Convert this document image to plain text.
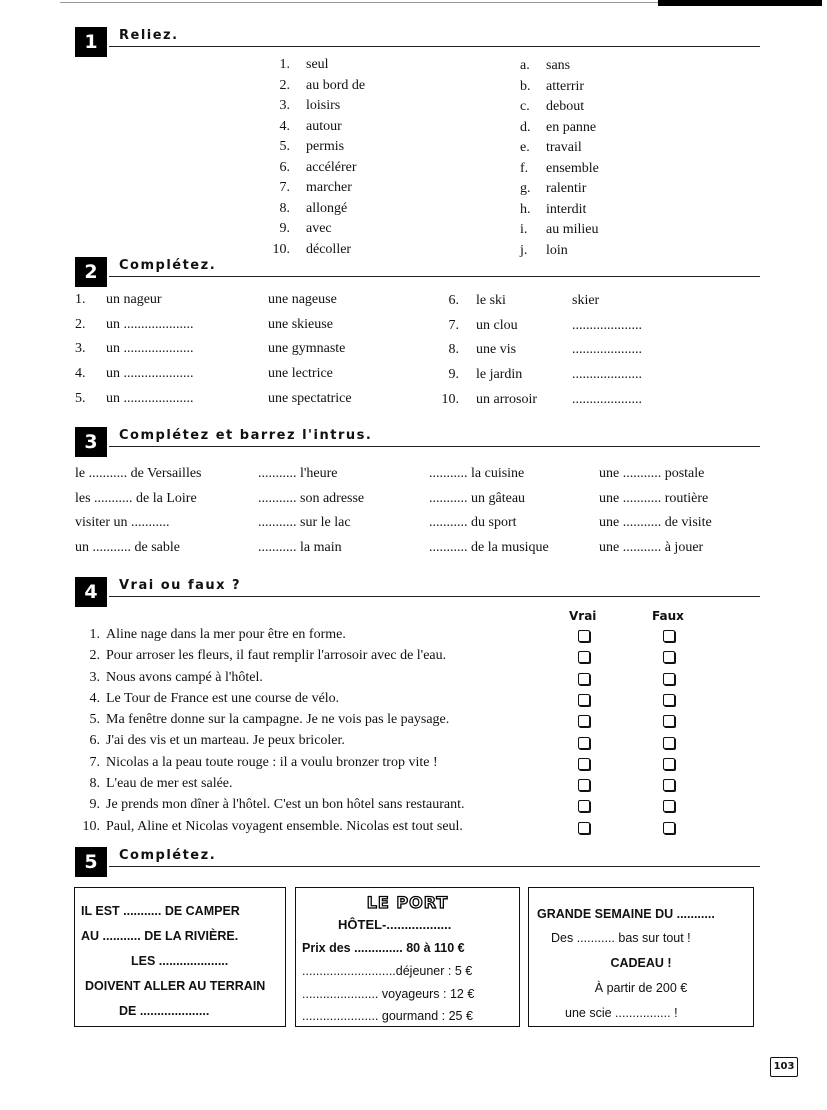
1	Reliez.
1.	seul
2.	au bord de
3.	loisirs
4.	autour
5.	permis
6.	accélérer
7.	marcher
8.	allongé
9.	avec
10.	décoller
a.	sans
b.	atterrir
c.	debout
d.	en panne
e.	travail
f.	ensemble
g.	ralentir
h.	interdit
i.	au milieu
j.	loin
2	Complétez.
1. un nageur	une nageuse
2. un ....................	une skieuse
3. un ....................	une gymnaste
4. un ....................	une lectrice
5. un ....................	une spectatrice
6. le ski	skier
7. un clou	....................
8. une vis	....................
9. le jardin	....................
10. un arrosoir ....................
3	Complétez et barrez l'intrus.
le ........... de Versailles	........... l'heure	........... la cuisine	une ........... postale
les ........... de la Loire	........... son adresse	........... un gâteau	une ........... routière
visiter un ...........	........... sur le lac	........... du sport	une ........... de visite
un ........... de sable	........... la main	........... de la musique	une ........... à jouer
4	Vrai ou faux ?
Vrai	Faux
1. Aline nage dans la mer pour être en forme.
2. Pour arroser les fleurs, il faut remplir l'arrosoir avec de l'eau.
3. Nous avons campé à l'hôtel.
4. Le Tour de France est une course de vélo.
5. Ma fenêtre donne sur la campagne. Je ne vois pas le paysage.
6. J'ai des vis et un marteau. Je peux bricoler.
7. Nicolas a la peau toute rouge : il a voulu bronzer trop vite !
8. L'eau de mer est salée.
9. Je prends mon dîner à l'hôtel. C'est un bon hôtel sans restaurant.
10. Paul, Aline et Nicolas voyagent ensemble. Nicolas est tout seul.
5	Complétez.
IL EST ........... DE CAMPER
AU ........... DE LA RIVIÈRE.
LES ....................
DOIVENT ALLER AU TERRAIN
DE ....................
LE PORT
HÔTEL-..................
Prix des .............. 80 à 110 €
...........................déjeuner : 5 €
...................... voyageurs : 12 €
...................... gourmand : 25 €
GRANDE SEMAINE DU ...........
Des ........... bas sur tout !
CADEAU !
À partir de 200 €
une scie ................ !
103
